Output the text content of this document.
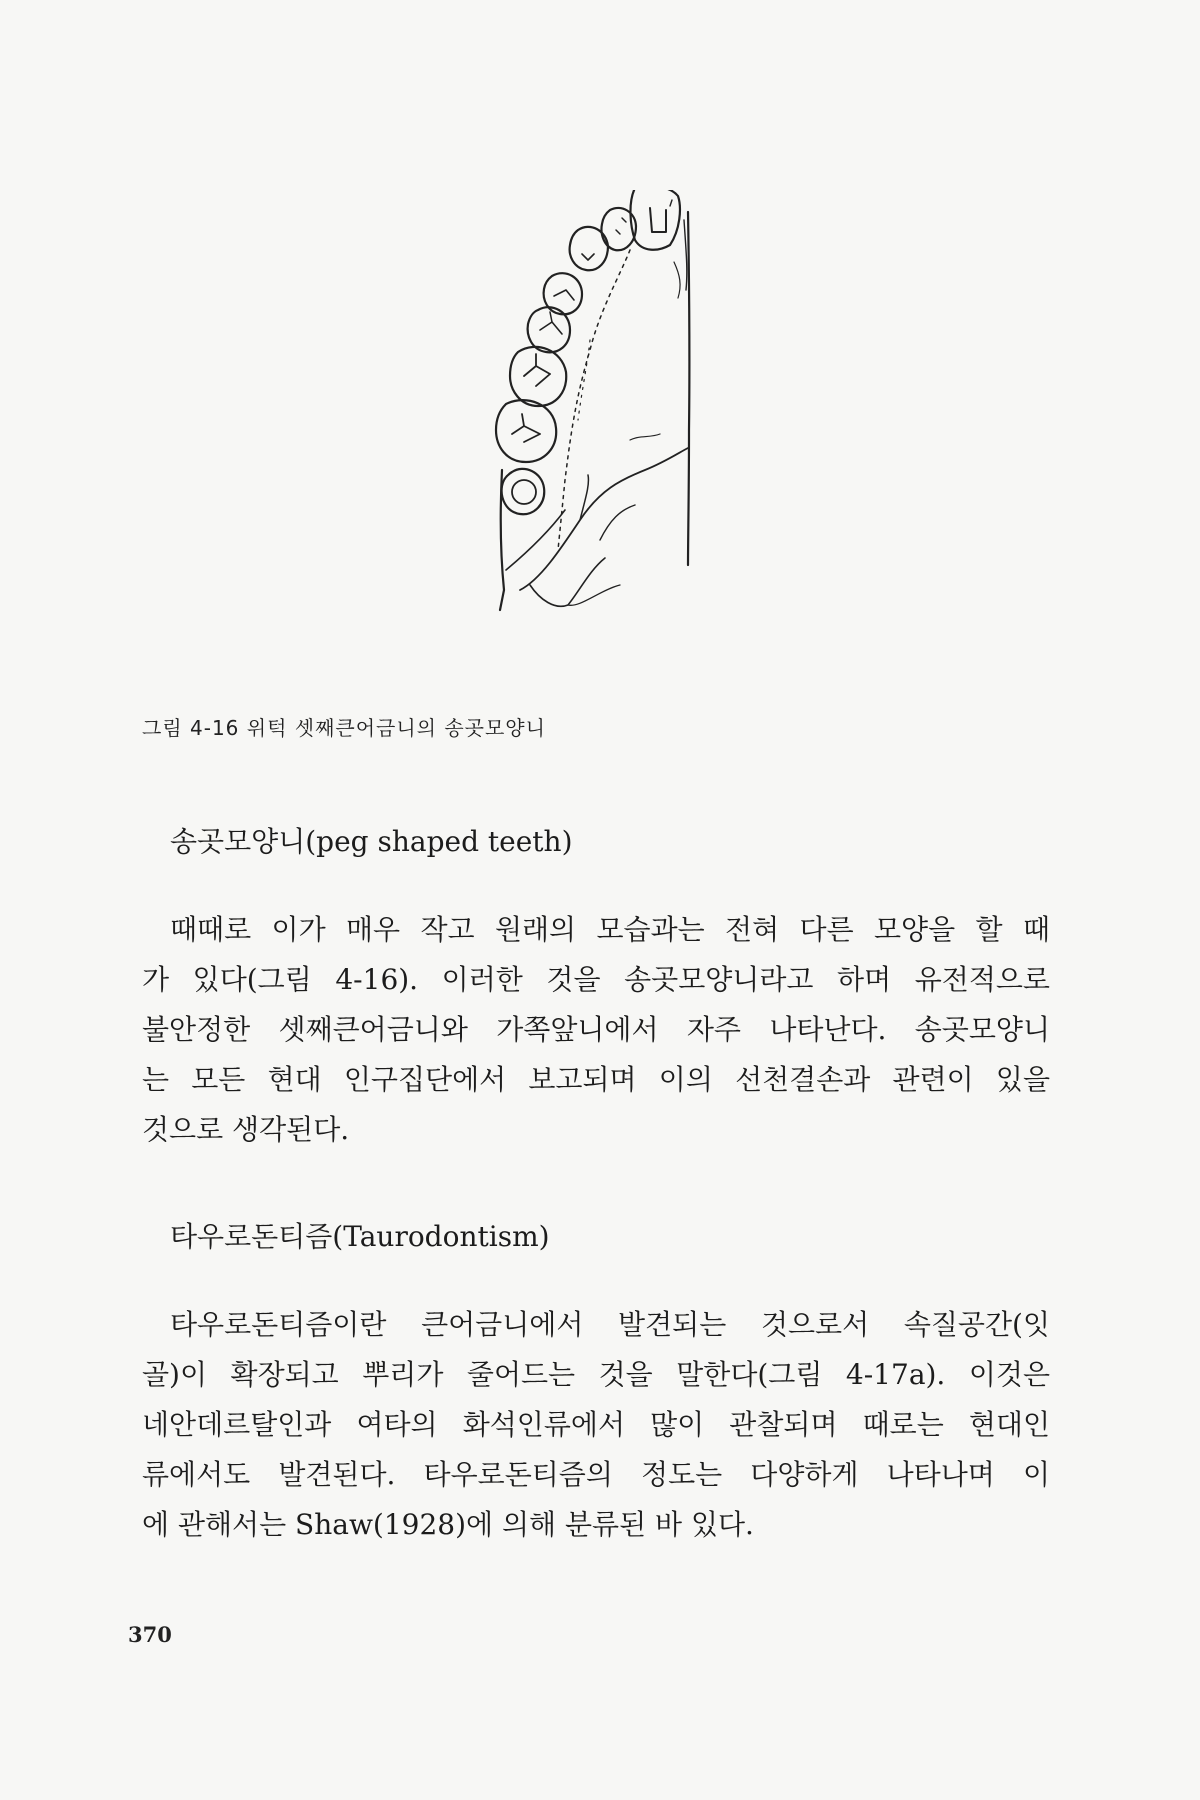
그림 4-16 위턱 셋째큰어금니의 송곳모양니
송곳모양니(peg shaped teeth)
때때로 이가 매우 작고 원래의 모습과는 전혀 다른 모양을 할 때
가 있다(그림 4-16). 이러한 것을 송곳모양니라고 하며 유전적으로
불안정한 셋째큰어금니와 가쪽앞니에서 자주 나타난다. 송곳모양니
는 모든 현대 인구집단에서 보고되며 이의 선천결손과 관련이 있을
것으로 생각된다.
타우로돈티즘(Taurodontism)
타우로돈티즘이란 큰어금니에서 발견되는 것으로서 속질공간(잇
골)이 확장되고 뿌리가 줄어드는 것을 말한다(그림 4-17a). 이것은
네안데르탈인과 여타의 화석인류에서 많이 관찰되며 때로는 현대인
류에서도 발견된다. 타우로돈티즘의 정도는 다양하게 나타나며 이
에 관해서는 Shaw(1928)에 의해 분류된 바 있다.
370
